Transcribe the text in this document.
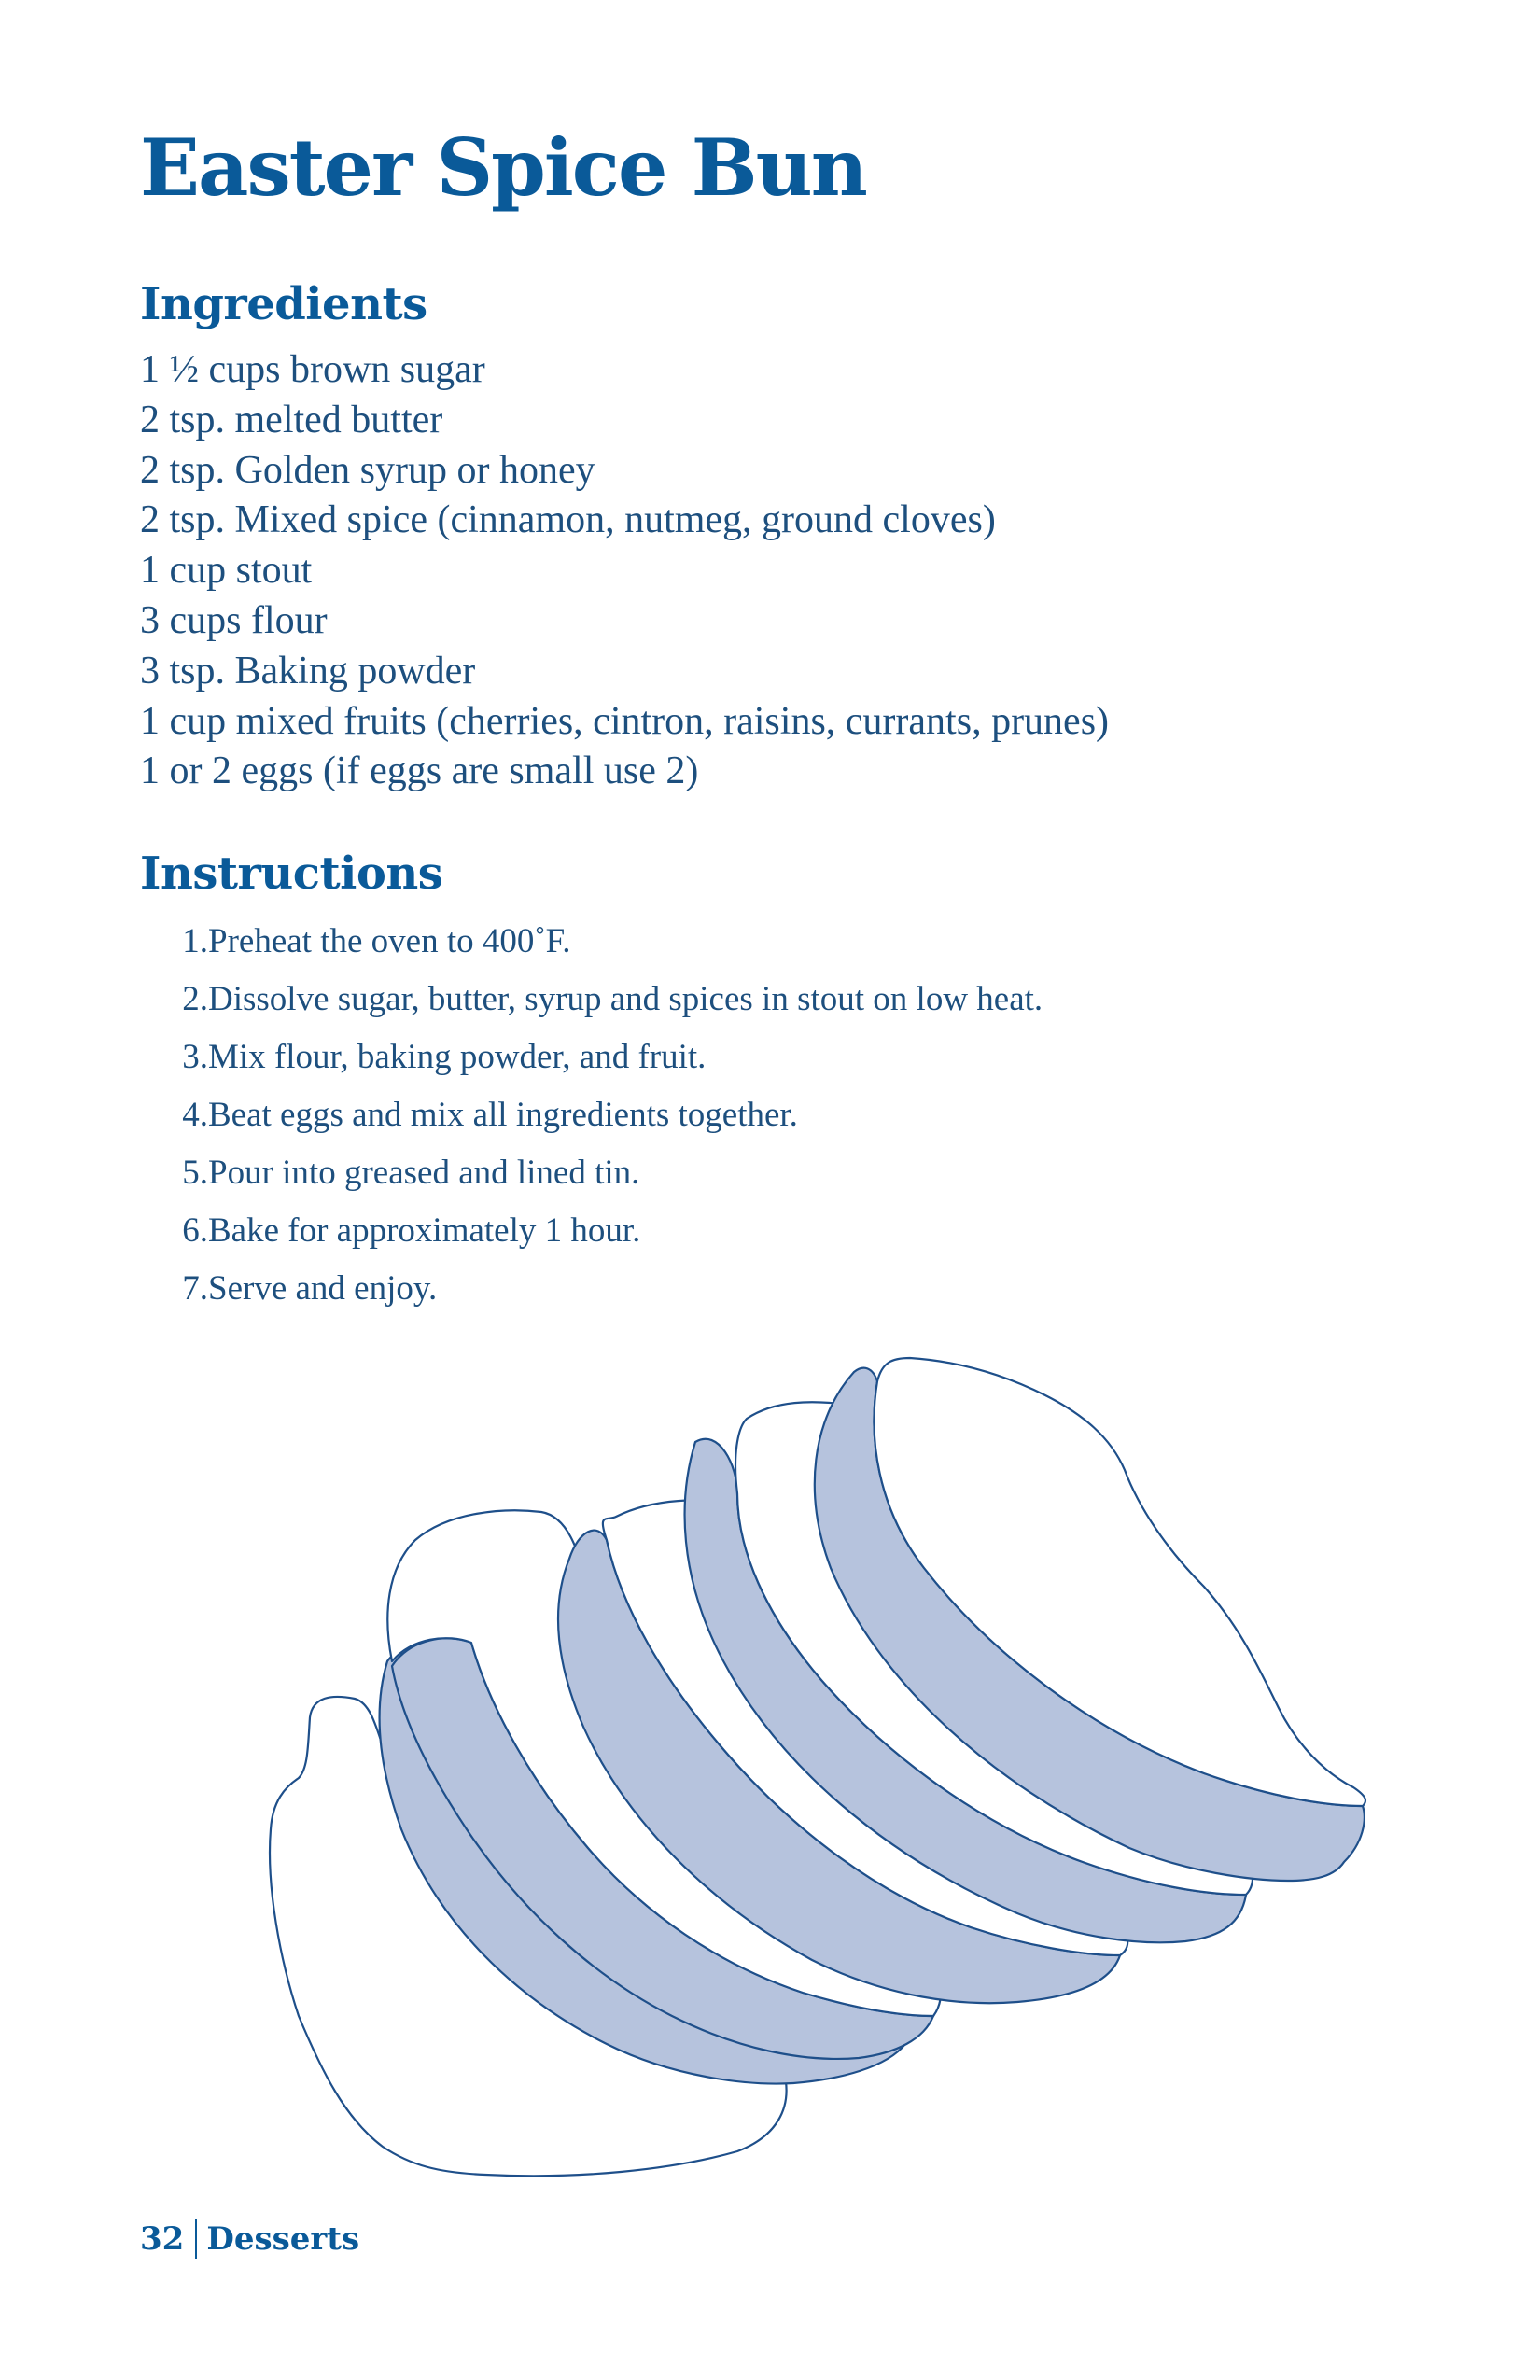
Easter Spice Bun
Ingredients
1 ½ cups brown sugar
2 tsp. melted butter
2 tsp. Golden syrup or honey
2 tsp. Mixed spice (cinnamon, nutmeg, ground cloves)
1 cup stout
3 cups flour
3 tsp. Baking powder
1 cup mixed fruits (cherries, cintron, raisins, currants, prunes)
1 or 2 eggs (if eggs are small use 2)
Instructions
1. Preheat the oven to 400˚F.
2. Dissolve sugar, butter, syrup and spices in stout on low heat.
3. Mix flour, baking powder, and fruit.
4. Beat eggs and mix all ingredients together.
5. Pour into greased and lined tin.
6. Bake for approximately 1 hour.
7. Serve and enjoy.
32 Desserts
